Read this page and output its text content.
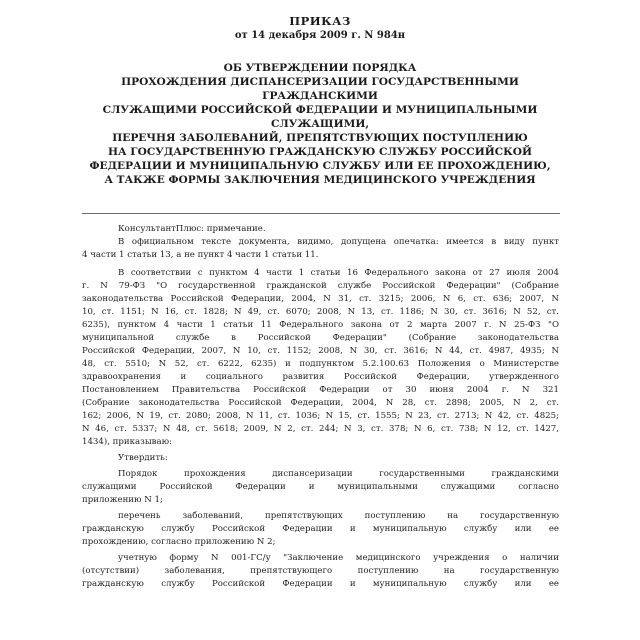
ПРИКАЗ
от 14 декабря 2009 г. N 984н
ОБ УТВЕРЖДЕНИИ ПОРЯДКА
ПРОХОЖДЕНИЯ ДИСПАНСЕРИЗАЦИИ ГОСУДАРСТВЕННЫМИ
ГРАЖДАНСКИМИ
СЛУЖАЩИМИ РОССИЙСКОЙ ФЕДЕРАЦИИ И МУНИЦИПАЛЬНЫМИ
СЛУЖАЩИМИ,
ПЕРЕЧНЯ ЗАБОЛЕВАНИЙ, ПРЕПЯТСТВУЮЩИХ ПОСТУПЛЕНИЮ
НА ГОСУДАРСТВЕННУЮ ГРАЖДАНСКУЮ СЛУЖБУ РОССИЙСКОЙ
ФЕДЕРАЦИИ И МУНИЦИПАЛЬНУЮ СЛУЖБУ ИЛИ ЕЕ ПРОХОЖДЕНИЮ,
А ТАКЖЕ ФОРМЫ ЗАКЛЮЧЕНИЯ МЕДИЦИНСКОГО УЧРЕЖДЕНИЯ
КонсультантПлюс: примечание.
В официальном тексте документа, видимо, допущена опечатка: имеется в виду пункт
4 части 1 статьи 13, а не пункт 4 части 1 статьи 11.
В соответствии с пунктом 4 части 1 статьи 16 Федерального закона от 27 июля 2004
г. N 79-ФЗ "О государственной гражданской службе Российской Федерации" (Собрание
законодательства Российской Федерации, 2004, N 31, ст. 3215; 2006, N 6, ст. 636; 2007, N
10, ст. 1151; N 16, ст. 1828; N 49, ст. 6070; 2008, N 13, ст. 1186; N 30, ст. 3616; N 52, ст.
6235), пунктом 4 части 1 статьи 11 Федерального закона от 2 марта 2007 г. N 25-ФЗ "О
муниципальной службе в Российской Федерации" (Собрание законодательства
Российской Федерации, 2007, N 10, ст. 1152; 2008, N 30, ст. 3616; N 44, ст. 4987, 4935; N
48, ст. 5510; N 52, ст. 6222, 6235) и подпунктом 5.2.100.63 Положения о Министерстве
здравоохранения и социального развития Российской Федерации, утвержденного
Постановлением Правительства Российской Федерации от 30 июня 2004 г. N 321
(Собрание законодательства Российской Федерации, 2004, N 28, ст. 2898; 2005, N 2, ст.
162; 2006, N 19, ст. 2080; 2008, N 11, ст. 1036; N 15, ст. 1555; N 23, ст. 2713; N 42, ст. 4825;
N 46, ст. 5337; N 48, ст. 5618; 2009, N 2, ст. 244; N 3, ст. 378; N 6, ст. 738; N 12, ст. 1427,
1434), приказываю:
Утвердить:
Порядок прохождения диспансеризации государственными гражданскими
служащими Российской Федерации и муниципальными служащими согласно
приложению N 1;
перечень заболеваний, препятствующих поступлению на государственную
гражданскую службу Российской Федерации и муниципальную службу или ее
прохождению, согласно приложению N 2;
учетную форму N 001-ГС/у "Заключение медицинского учреждения о наличии
(отсутствии) заболевания, препятствующего поступлению на государственную
гражданскую службу Российской Федерации и муниципальную службу или ее
